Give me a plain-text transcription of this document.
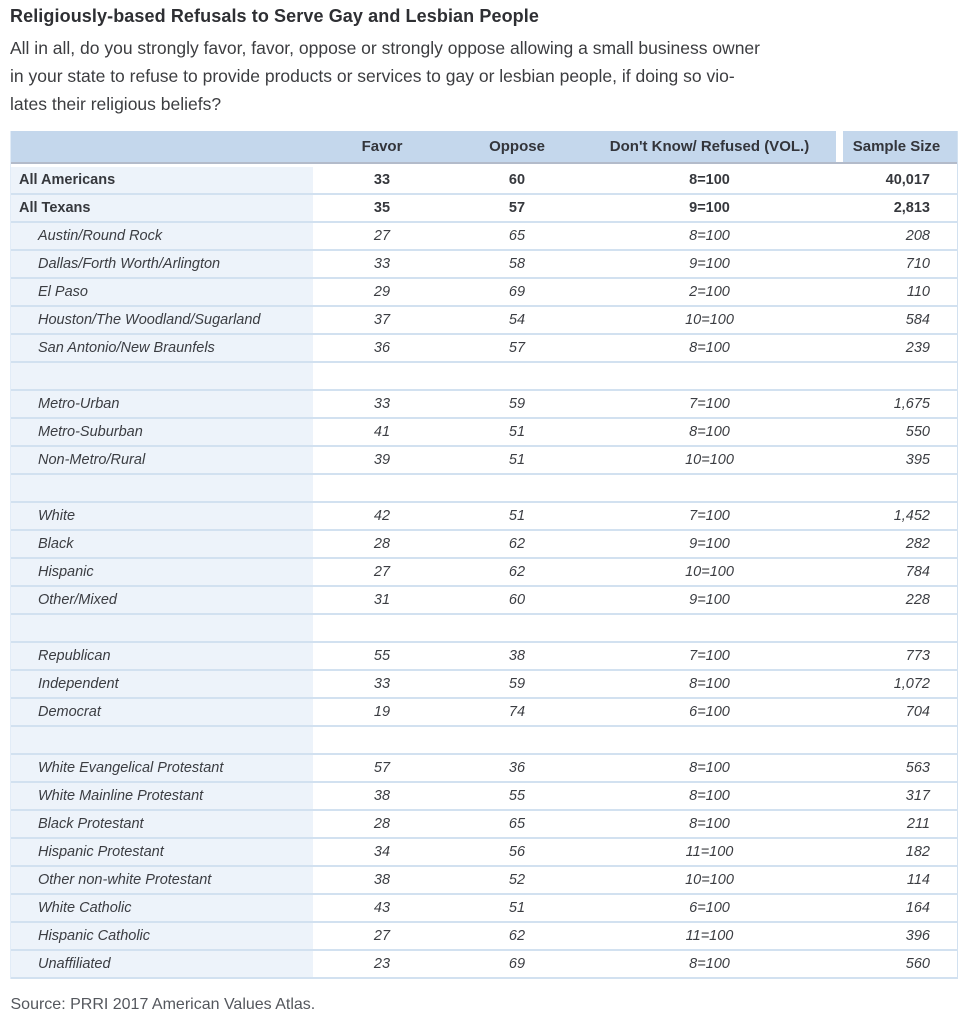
Religiously-based Refusals to Serve Gay and Lesbian People
All in all, do you strongly favor, favor, oppose or strongly oppose allowing a small business owner
in your state to refuse to provide products or services to gay or lesbian people, if doing so vio-
lates their religious beliefs?
	Favor	Oppose	Don't Know/ Refused (VOL.)	Sample Size
All Americans	33	60	8=100	40,017
All Texans	35	57	9=100	2,813
Austin/Round Rock	27	65	8=100	208
Dallas/Forth Worth/Arlington	33	58	9=100	710
El Paso	29	69	2=100	110
Houston/The Woodland/Sugarland	37	54	10=100	584
San Antonio/New Braunfels	36	57	8=100	239

Metro-Urban	33	59	7=100	1,675
Metro-Suburban	41	51	8=100	550
Non-Metro/Rural	39	51	10=100	395

White	42	51	7=100	1,452
Black	28	62	9=100	282
Hispanic	27	62	10=100	784
Other/Mixed	31	60	9=100	228

Republican	55	38	7=100	773
Independent	33	59	8=100	1,072
Democrat	19	74	6=100	704

White Evangelical Protestant	57	36	8=100	563
White Mainline Protestant	38	55	8=100	317
Black Protestant	28	65	8=100	211
Hispanic Protestant	34	56	11=100	182
Other non-white Protestant	38	52	10=100	114
White Catholic	43	51	6=100	164
Hispanic Catholic	27	62	11=100	396
Unaffiliated	23	69	8=100	560
Source: PRRI 2017 American Values Atlas.
